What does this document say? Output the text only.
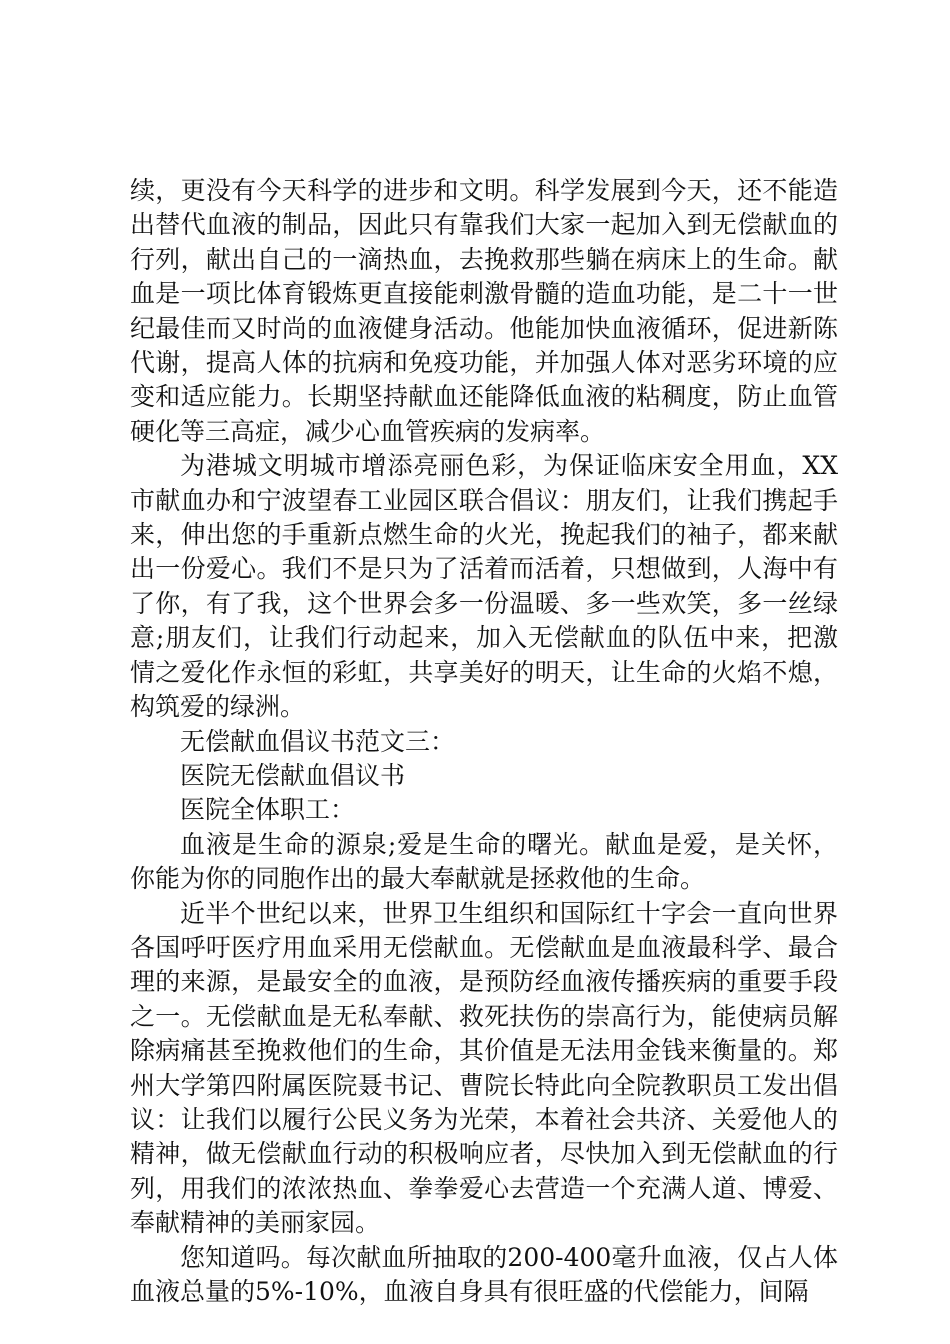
续，更没有今天科学的进步和文明。科学发展到今天，还不能造出替代血液的制品，因此只有靠我们大家一起加入到无偿献血的行列，献出自己的一滴热血，去挽救那些躺在病床上的生命。献血是一项比体育锻炼更直接能刺激骨髓的造血功能，是二十一世纪最佳而又时尚的血液健身活动。他能加快血液循环，促进新陈代谢，提高人体的抗病和免疫功能，并加强人体对恶劣环境的应变和适应能力。长期坚持献血还能降低血液的粘稠度，防止血管硬化等三高症，减少心血管疾病的发病率。

为港城文明城市增添亮丽色彩，为保证临床安全用血，XX市献血办和宁波望春工业园区联合倡议：朋友们，让我们携起手来，伸出您的手重新点燃生命的火光，挽起我们的袖子，都来献出一份爱心。我们不是只为了活着而活着，只想做到，人海中有了你，有了我，这个世界会多一份温暖、多一些欢笑，多一丝绿意;朋友们，让我们行动起来，加入无偿献血的队伍中来，把激情之爱化作永恒的彩虹，共享美好的明天，让生命的火焰不熄，构筑爱的绿洲。

无偿献血倡议书范文三：

医院无偿献血倡议书

医院全体职工：

血液是生命的源泉;爱是生命的曙光。献血是爱，是关怀，你能为你的同胞作出的最大奉献就是拯救他的生命。

近半个世纪以来，世界卫生组织和国际红十字会一直向世界各国呼吁医疗用血采用无偿献血。无偿献血是血液最科学、最合理的来源，是最安全的血液，是预防经血液传播疾病的重要手段之一。无偿献血是无私奉献、救死扶伤的崇高行为，能使病员解除病痛甚至挽救他们的生命，其价值是无法用金钱来衡量的。郑州大学第四附属医院聂书记、曹院长特此向全院教职员工发出倡议：让我们以履行公民义务为光荣，本着社会共济、关爱他人的精神，做无偿献血行动的积极响应者，尽快加入到无偿献血的行列，用我们的浓浓热血、拳拳爱心去营造一个充满人道、博爱、奉献精神的美丽家园。

您知道吗。每次献血所抽取的200-400毫升血液，仅占人体血液总量的5%-10%，血液自身具有很旺盛的代偿能力，间隔
